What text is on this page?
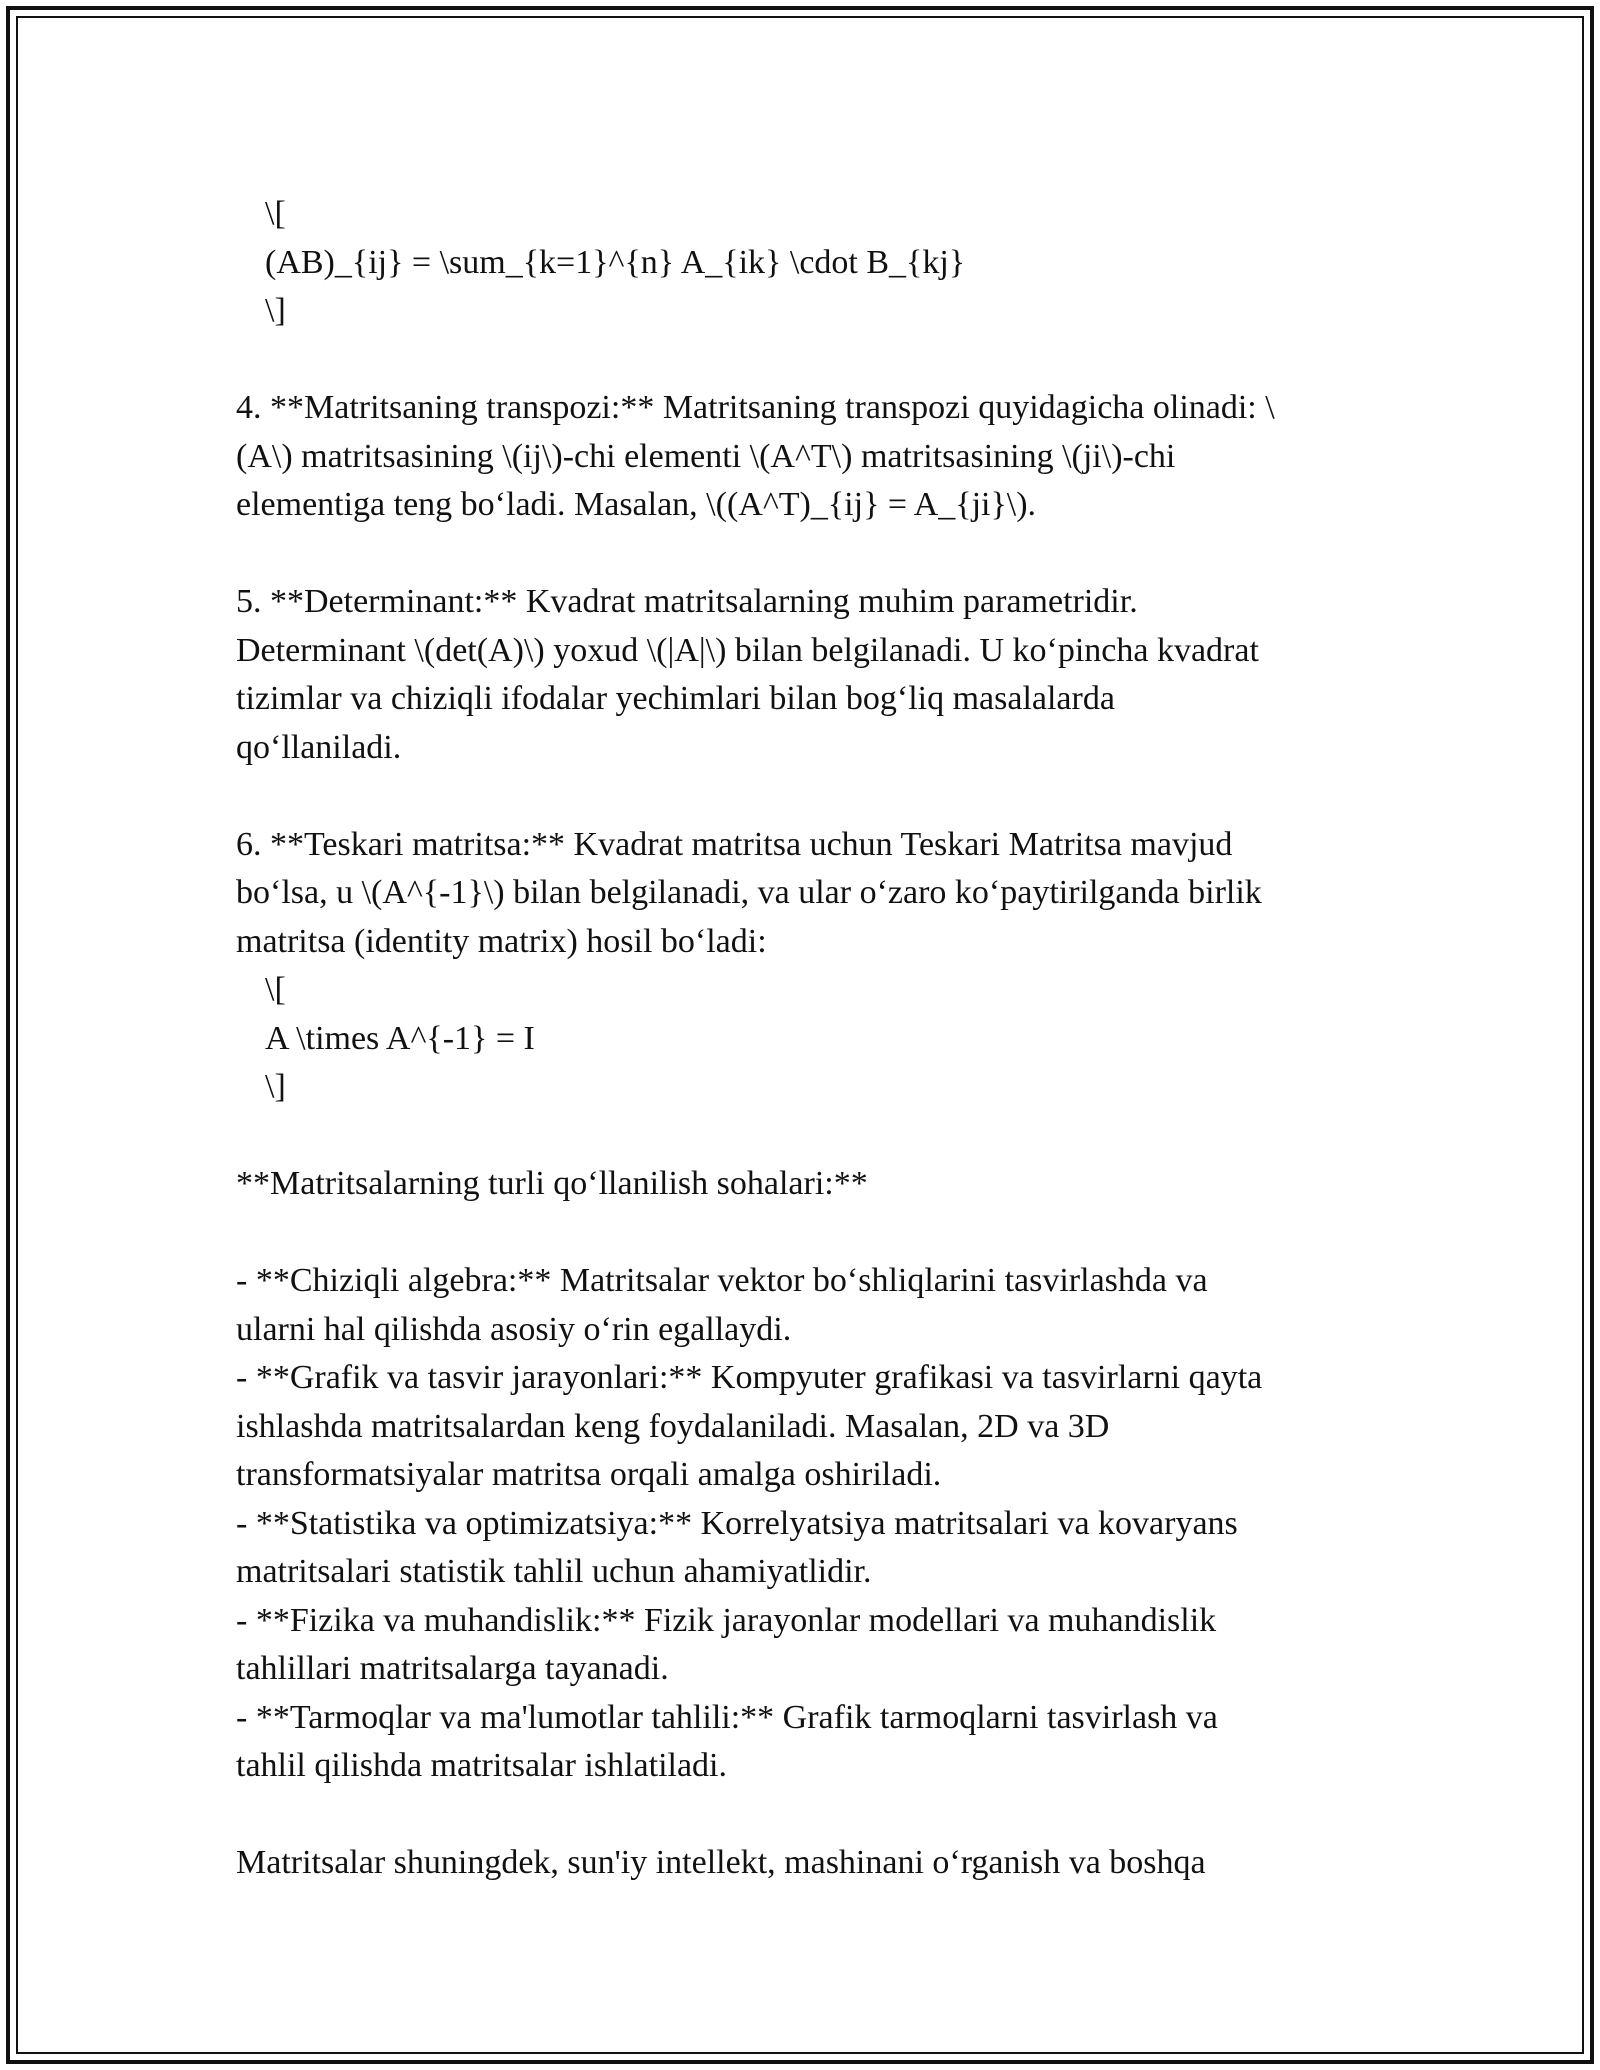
\[
(AB)_{ij} = \sum_{k=1}^{n} A_{ik} \cdot B_{kj}
\]
4. **Matritsaning transpozi:** Matritsaning transpozi quyidagicha olinadi: \
(A\) matritsasining \(ij\)-chi elementi \(A^T\) matritsasining \(ji\)-chi
elementiga teng bo‘ladi. Masalan, \((A^T)_{ij} = A_{ji}\).
5. **Determinant:** Kvadrat matritsalarning muhim parametridir.
Determinant \(det(A)\) yoxud \(|A|\) bilan belgilanadi. U ko‘pincha kvadrat
tizimlar va chiziqli ifodalar yechimlari bilan bog‘liq masalalarda
qo‘llaniladi.
6. **Teskari matritsa:** Kvadrat matritsa uchun Teskari Matritsa mavjud
bo‘lsa, u \(A^{-1}\) bilan belgilanadi, va ular o‘zaro ko‘paytirilganda birlik
matritsa (identity matrix) hosil bo‘ladi:
\[
A \times A^{-1} = I
\]
**Matritsalarning turli qo‘llanilish sohalari:**
- **Chiziqli algebra:** Matritsalar vektor bo‘shliqlarini tasvirlashda va
ularni hal qilishda asosiy o‘rin egallaydi.
- **Grafik va tasvir jarayonlari:** Kompyuter grafikasi va tasvirlarni qayta
ishlashda matritsalardan keng foydalaniladi. Masalan, 2D va 3D
transformatsiyalar matritsa orqali amalga oshiriladi.
- **Statistika va optimizatsiya:** Korrelyatsiya matritsalari va kovaryans
matritsalari statistik tahlil uchun ahamiyatlidir.
- **Fizika va muhandislik:** Fizik jarayonlar modellari va muhandislik
tahlillari matritsalarga tayanadi.
- **Tarmoqlar va ma'lumotlar tahlili:** Grafik tarmoqlarni tasvirlash va
tahlil qilishda matritsalar ishlatiladi.
Matritsalar shuningdek, sun'iy intellekt, mashinani o‘rganish va boshqa
